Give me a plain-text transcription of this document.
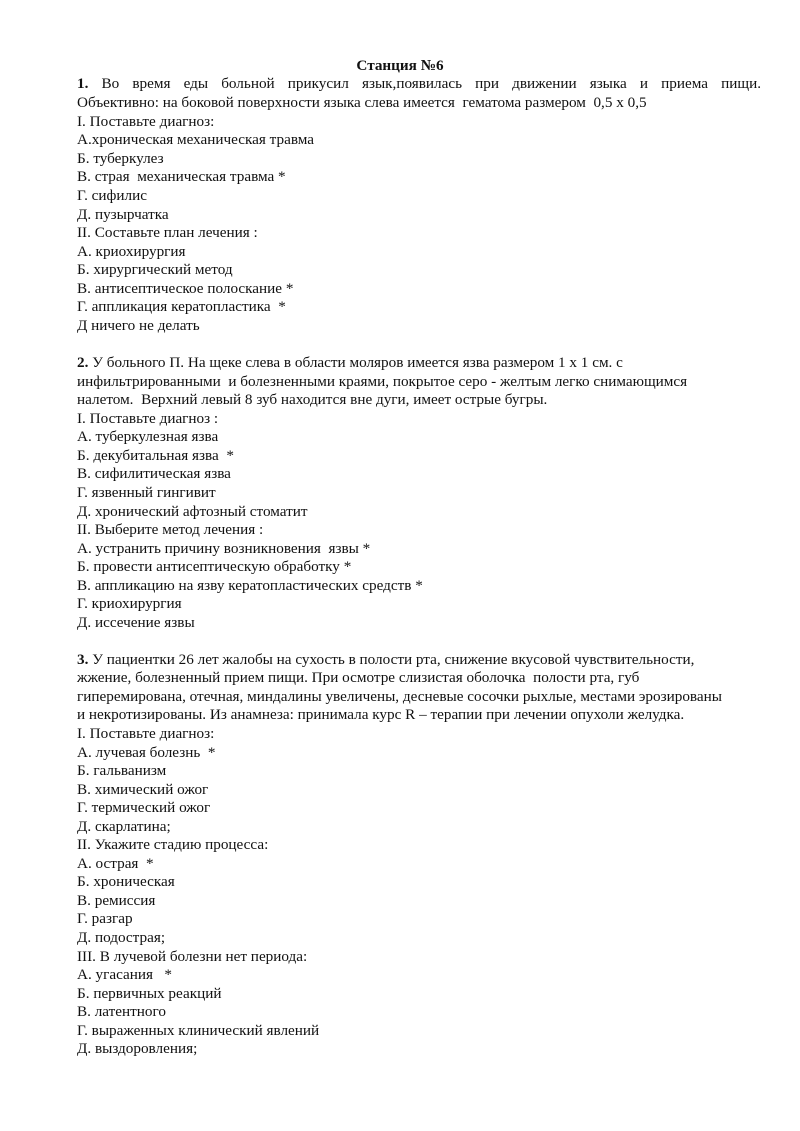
Станция №6
1. Во время еды больной прикусил язык,появилась при движении языка и приема пищи.
Объективно: на боковой поверхности языка слева имеется  гематома размером  0,5 х 0,5
I. Поставьте диагноз:
А.хроническая механическая травма
Б. туберкулез
В. страя  механическая травма *
Г. сифилис
Д. пузырчатка
II. Составьте план лечения :
А. криохирургия
Б. хирургический метод
В. антисептическое полоскание *
Г. аппликация кератопластика  *
Д ничего не делать
2. У больного П. На щеке слева в области моляров имеется язва размером 1 х 1 см. с
инфильтрированными  и болезненными краями, покрытое серо - желтым легко снимающимся
налетом.  Верхний левый 8 зуб находится вне дуги, имеет острые бугры.
I. Поставьте диагноз :
А. туберкулезная язва
Б. декубитальная язва  *
В. сифилитическая язва
Г. язвенный гингивит
Д. хронический афтозный стоматит
II. Выберите метод лечения :
А. устранить причину возникновения  язвы *
Б. провести антисептическую обработку *
В. аппликацию на язву кератопластических средств *
Г. криохирургия
Д. иссечение язвы
3. У пациентки 26 лет жалобы на сухость в полости рта, снижение вкусовой чувствительности,
жжение, болезненный прием пищи. При осмотре слизистая оболочка  полости рта, губ
гиперемирована, отечная, миндалины увеличены, десневые сосочки рыхлые, местами эрозированы
и некротизированы. Из анамнеза: принимала курс R – терапии при лечении опухоли желудка.
I. Поставьте диагноз:
А. лучевая болезнь  *
Б. гальванизм
В. химический ожог
Г. термический ожог
Д. скарлатина;
II. Укажите стадию процесса:
А. острая  *
Б. хроническая
В. ремиссия
Г. разгар
Д. подострая;
III. В лучевой болезни нет периода:
А. угасания   *
Б. первичных реакций
В. латентного
Г. выраженных клинический явлений
Д. выздоровления;
